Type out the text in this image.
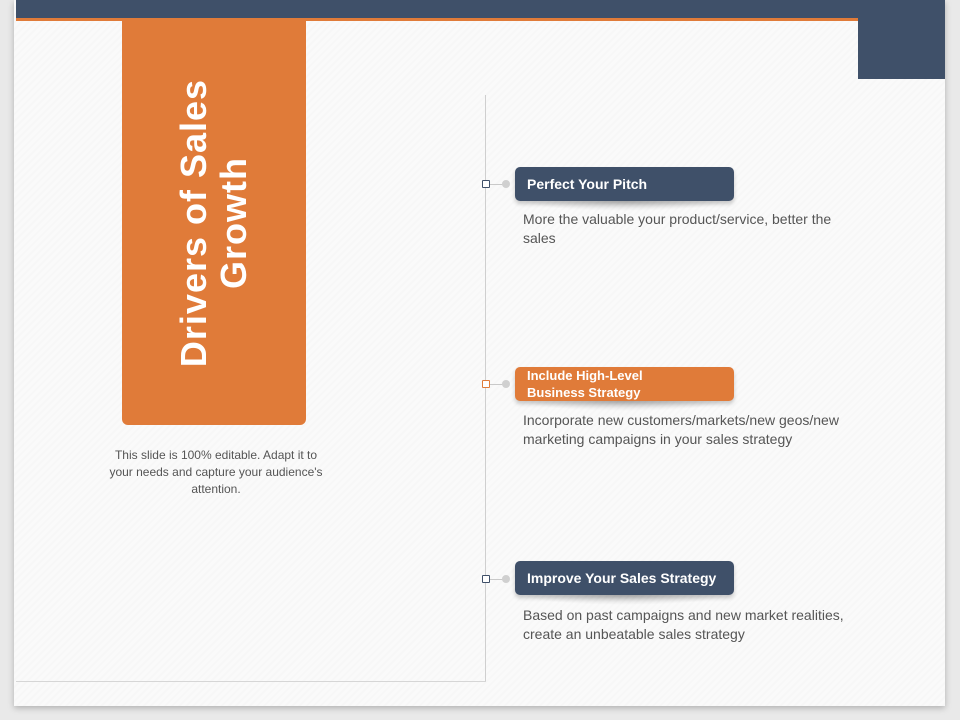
Drivers of Sales Growth
This slide is 100% editable. Adapt it to your needs and capture your audience's attention.
Perfect Your Pitch
More the valuable your product/service, better the sales
Include High-Level Business Strategy
Incorporate new customers/markets/new geos/new marketing campaigns in your sales strategy
Improve Your Sales Strategy
Based on past campaigns and new market realities, create an unbeatable sales strategy
